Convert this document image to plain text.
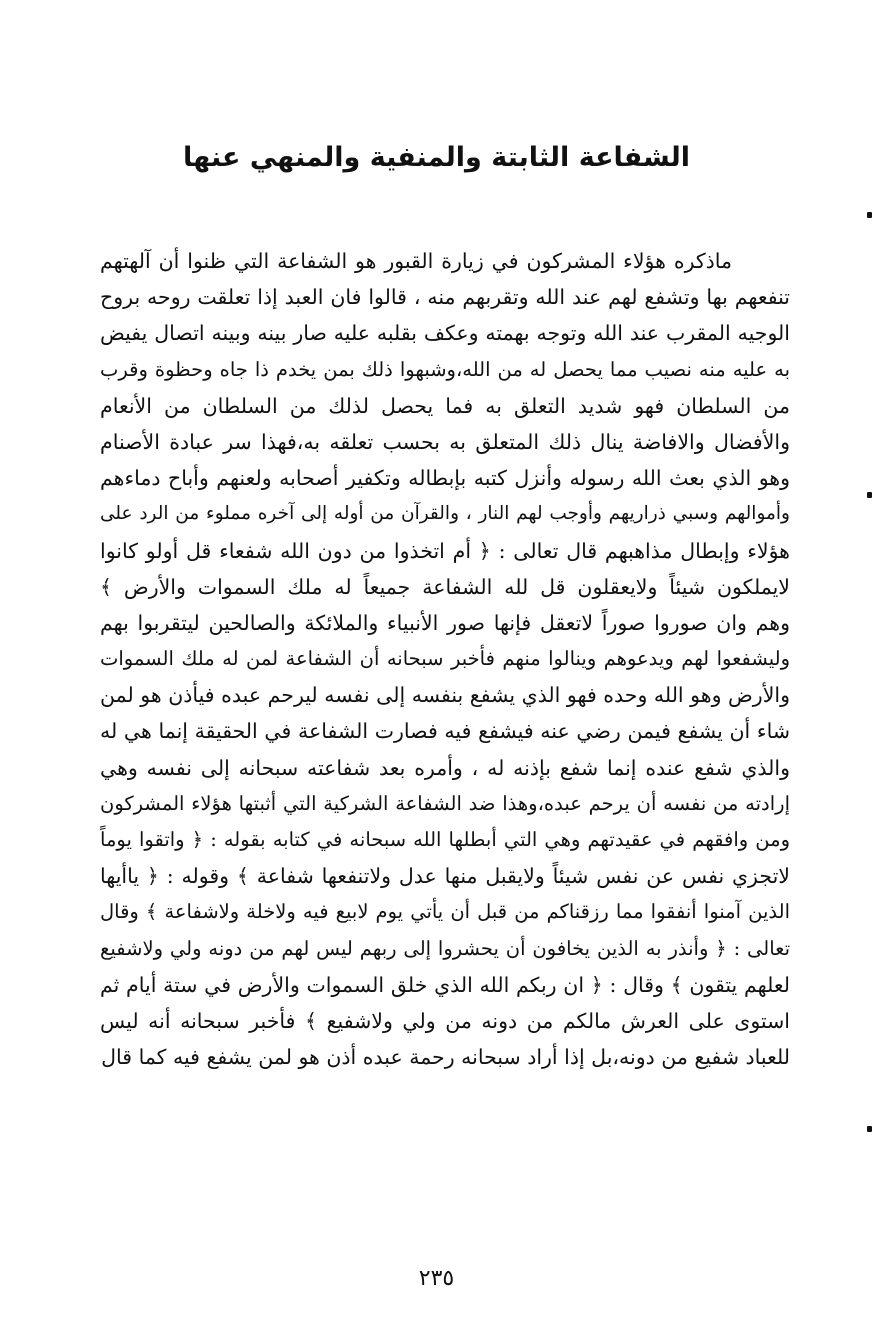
الشفاعة الثابتة والمنفية والمنهي عنها
ماذكره هؤلاء المشركون في زيارة القبور هو الشفاعة التي ظنوا أن آلهتهم
تنفعهم بها وتشفع لهم عند الله وتقربهم منه ، قالوا فان العبد إذا تعلقت روحه بروح
الوجيه المقرب عند الله وتوجه بهمته وعكف بقلبه عليه صار بينه وبينه اتصال يفيض
به عليه منه نصيب مما يحصل له من الله،وشبهوا ذلك بمن يخدم ذا جاه وحظوة وقرب
من السلطان فهو شديد التعلق به فما يحصل لذلك من السلطان من الأنعام
والأفضال والافاضة ينال ذلك المتعلق به بحسب تعلقه به،فهذا سر عبادة الأصنام
وهو الذي بعث الله رسوله وأنزل كتبه بإبطاله وتكفير أصحابه ولعنهم وأباح دماءهم
وأموالهم وسبي ذراريهم وأوجب لهم النار ، والقرآن من أوله إلى آخره مملوء من الرد على
هؤلاء وإبطال مذاهبهم قال تعالى : ﴿ أم اتخذوا من دون الله شفعاء قل أولو كانوا
لايملكون شيئاً ولايعقلون قل لله الشفاعة جميعاً له ملك السموات والأرض ﴾
وهم وان صوروا صوراً لاتعقل فإنها صور الأنبياء والملائكة والصالحين ليتقربوا بهم
وليشفعوا لهم ويدعوهم وينالوا منهم فأخبر سبحانه أن الشفاعة لمن له ملك السموات
والأرض وهو الله وحده فهو الذي يشفع بنفسه إلى نفسه ليرحم عبده فيأذن هو لمن
شاء أن يشفع فيمن رضي عنه فيشفع فيه فصارت الشفاعة في الحقيقة إنما هي له
والذي شفع عنده إنما شفع بإذنه له ، وأمره بعد شفاعته سبحانه إلى نفسه وهي
إرادته من نفسه أن يرحم عبده،وهذا ضد الشفاعة الشركية التي أثبتها هؤلاء المشركون
ومن وافقهم في عقيدتهم وهي التي أبطلها الله سبحانه في كتابه بقوله : ﴿ واتقوا يوماً
لاتجزي نفس عن نفس شيئاً ولايقبل منها عدل ولاتنفعها شفاعة ﴾ وقوله : ﴿ ياأيها
الذين آمنوا أنفقوا مما رزقناكم من قبل أن يأتي يوم لابيع فيه ولاخلة ولاشفاعة ﴾ وقال
تعالى : ﴿ وأنذر به الذين يخافون أن يحشروا إلى ربهم ليس لهم من دونه ولي ولاشفيع
لعلهم يتقون ﴾ وقال : ﴿ ان ربكم الله الذي خلق السموات والأرض في ستة أيام ثم
استوى على العرش مالكم من دونه من ولي ولاشفيع ﴾ فأخبر سبحانه أنه ليس
للعباد شفيع من دونه،بل إذا أراد سبحانه رحمة عبده أذن هو لمن يشفع فيه كما قال
٢٣٥
